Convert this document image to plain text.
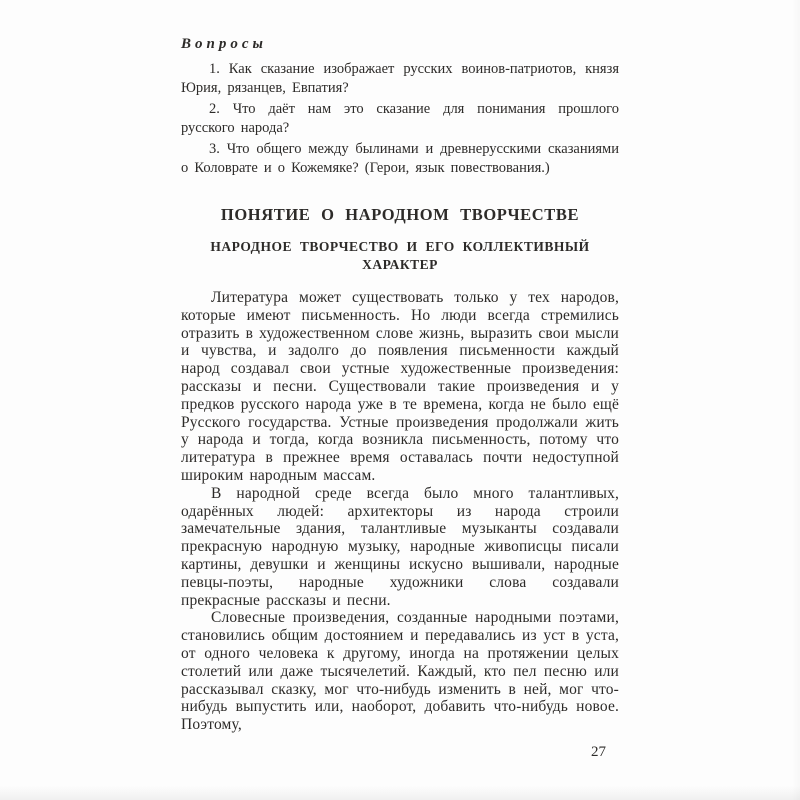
Вопросы

1. Как сказание изображает русских воинов-патриотов, князя Юрия, рязанцев, Евпатия?

2. Что даёт нам это сказание для понимания прошлого русского народа?

3. Что общего между былинами и древнерусскими сказаниями о Коловрате и о Кожемяке? (Герои, язык повествования.)

ПОНЯТИЕ О НАРОДНОМ ТВОРЧЕСТВЕ
НАРОДНОЕ ТВОРЧЕСТВО И ЕГО КОЛЛЕКТИВНЫЙ ХАРАКТЕР

Литература может существовать только у тех народов, которые имеют письменность. Но люди всегда стремились отразить в художественном слове жизнь, выразить свои мысли и чувства, и задолго до появления письменности каждый народ создавал свои устные художественные произведения: рассказы и песни. Существовали такие произведения и у предков русского народа уже в те времена, когда не было ещё Русского государства. Устные произведения продолжали жить у народа и тогда, когда возникла письменность, потому что литература в прежнее время оставалась почти недоступной широким народным массам.

В народной среде всегда было много талантливых, одарённых людей: архитекторы из народа строили замечательные здания, талантливые музыканты создавали прекрасную народную музыку, народные живописцы писали картины, девушки и женщины искусно вышивали, народные певцы-поэты, народные художники слова создавали прекрасные рассказы и песни.

Словесные произведения, созданные народными поэтами, становились общим достоянием и передавались из уст в уста, от одного человека к другому, иногда на протяжении целых столетий или даже тысячелетий. Каждый, кто пел песню или рассказывал сказку, мог что-нибудь изменить в ней, мог что-нибудь выпустить или, наоборот, добавить что-нибудь новое. Поэтому,

27
